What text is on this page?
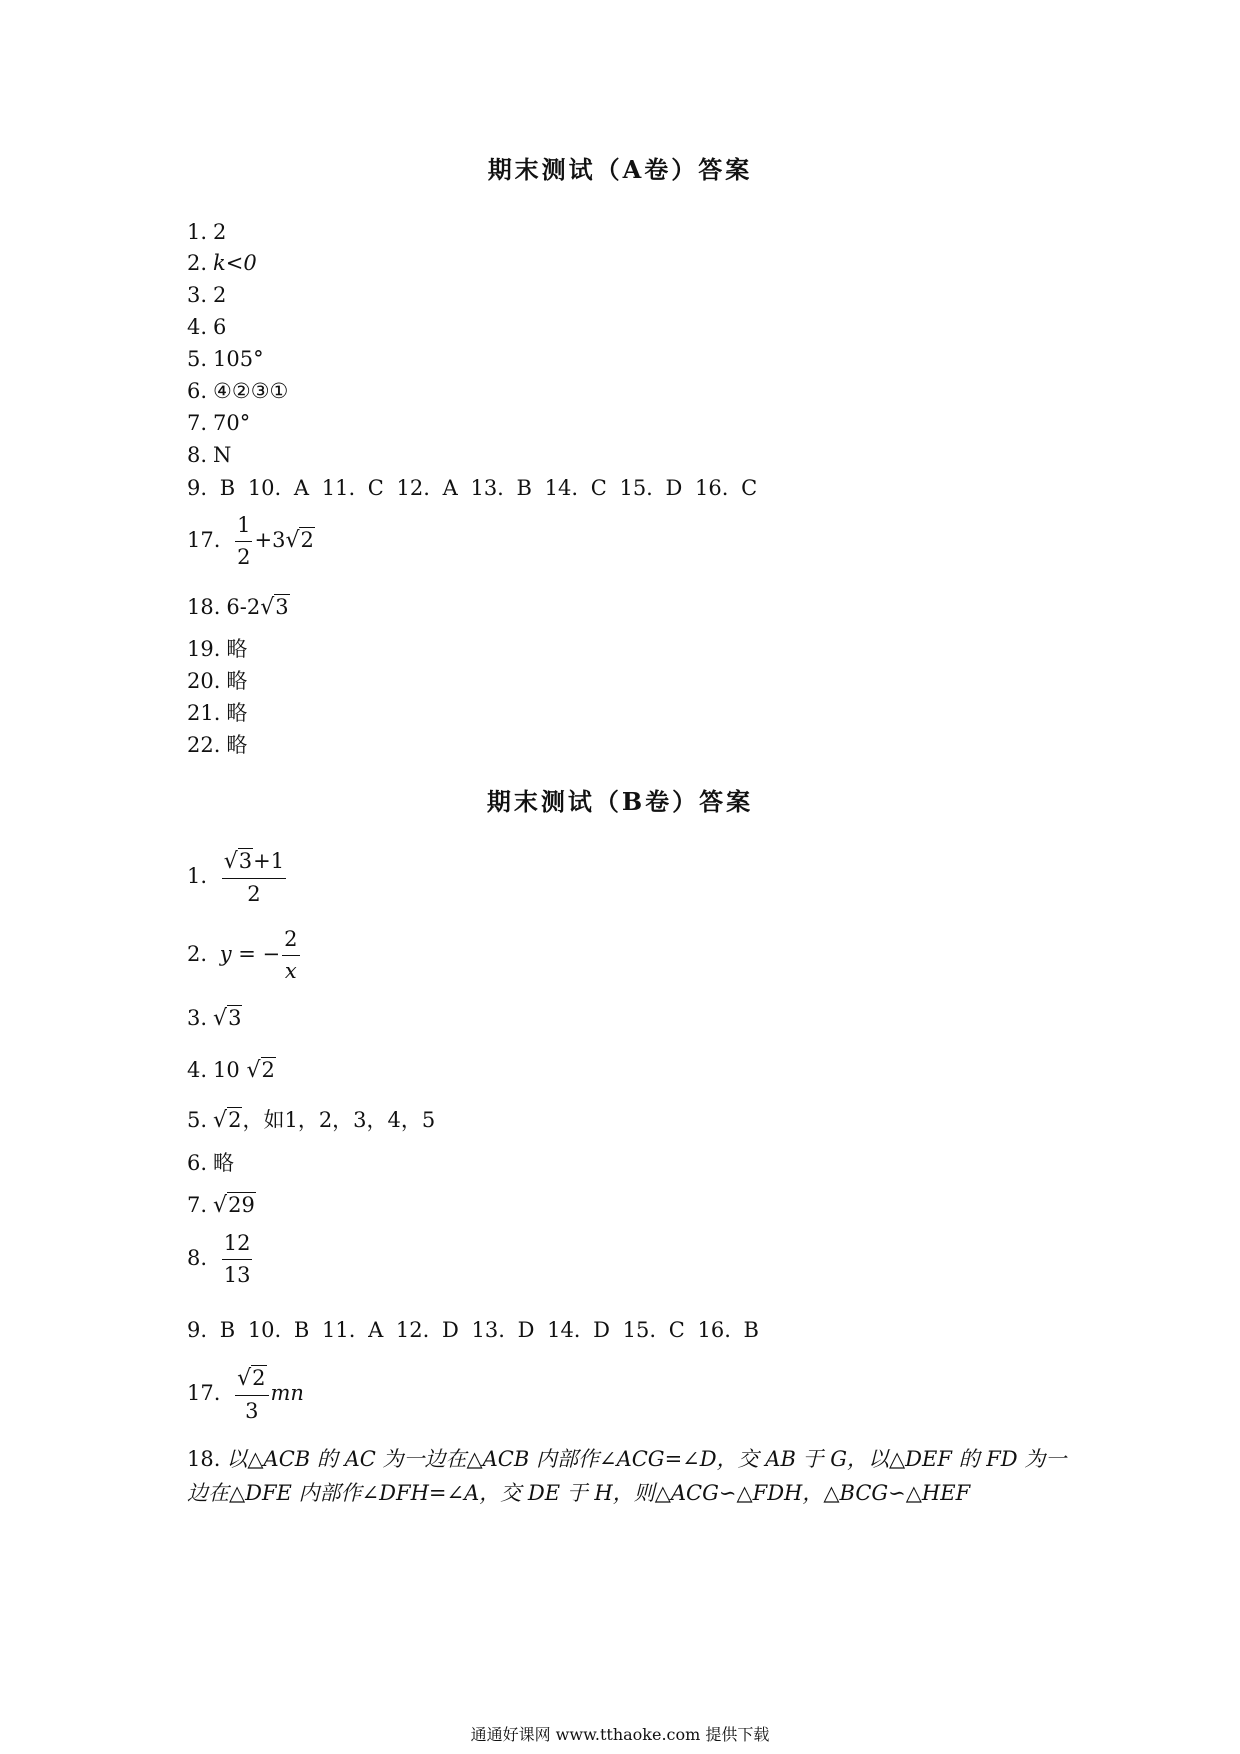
期末测试（A卷）答案
1. 2
2. k<0
3. 2
4. 6
5. 105°
6. ④②③①
7. 70°
8. N
9. B 10. A 11. C 12. A 13. B 14. C 15. D 16. C
17. $\frac{1}{2} +3√2$
18. 6-2√3
19. 略
20. 略
21. 略
22. 略
期末测试（B卷）答案
1. $\frac{√3+1}{2}$
2. y = − $\frac{2}{x}$
3. √3
4. 10 √2
5. √2，如1，2，3，4，5
6. 略
7. √29
8. $\frac{12}{13}$
9. B 10. B 11. A 12. D 13. D 14. D 15. C 16. B
17. $\frac{√2}{3}$ mn
18. 以△ACB 的 AC 为一边在△ACB 内部作∠ACG=∠D，交 AB 于 G，以△DEF 的 FD 为一边在△DFE 内部作∠DFH=∠A，交 DE 于 H，则△ACG∽△FDH，△BCG∽△HEF
通通好课网 www.tthaoke.com 提供下载
